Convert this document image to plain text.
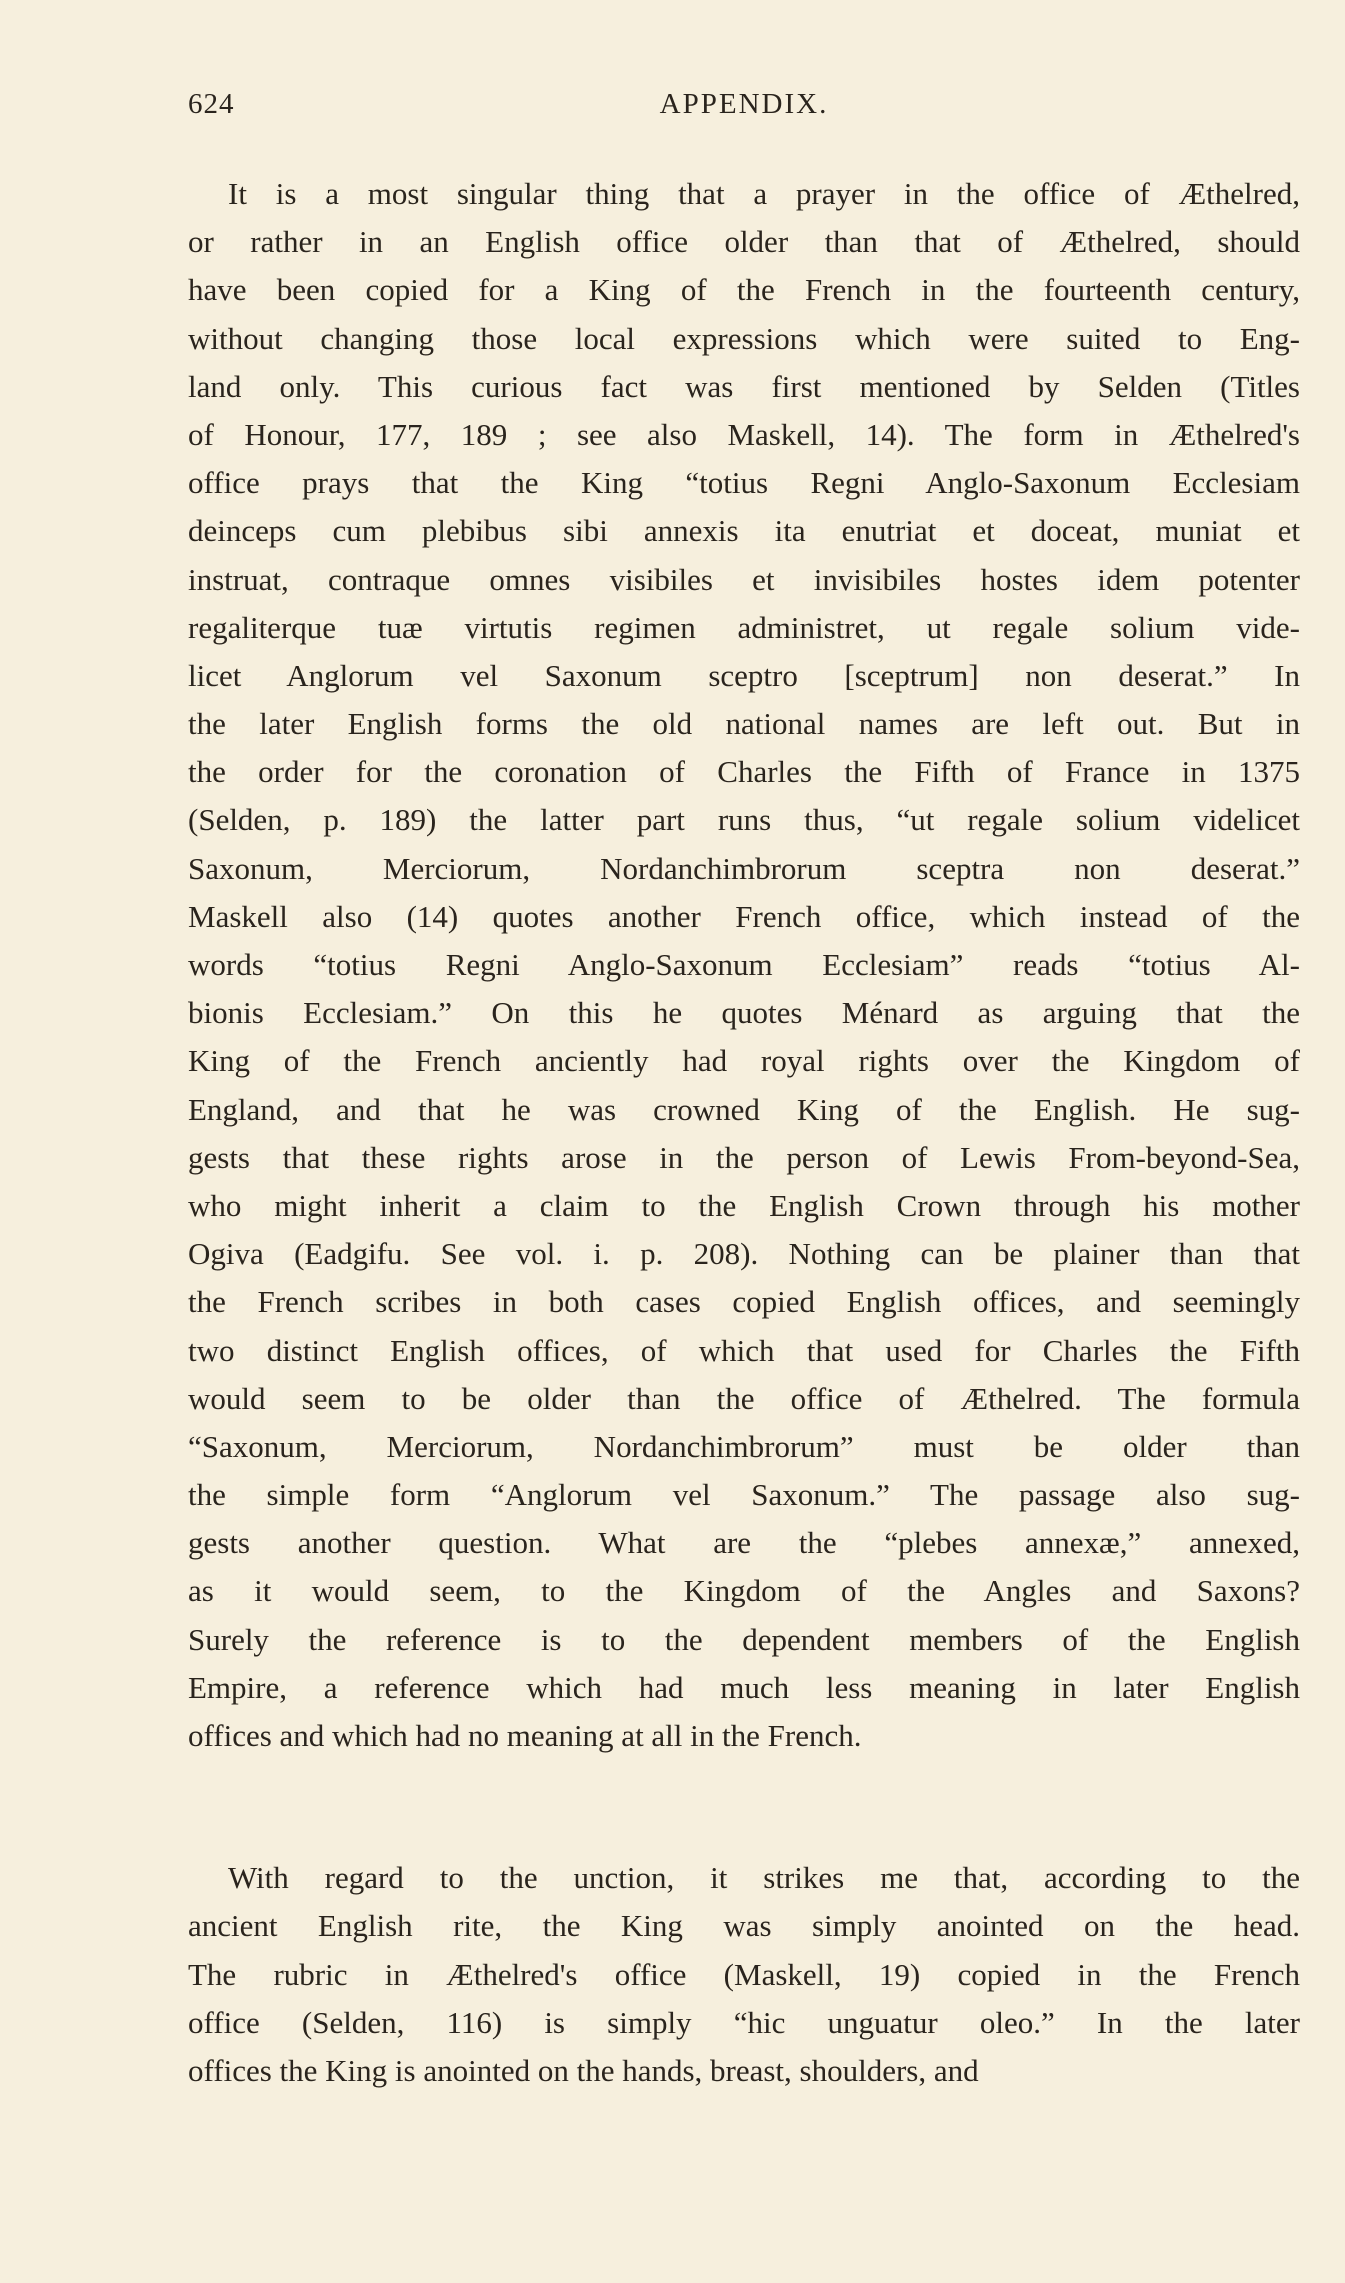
624	APPENDIX.
It is a most singular thing that a prayer in the office of Æthelred,
or rather in an English office older than that of Æthelred, should
have been copied for a King of the French in the fourteenth century,
without changing those local expressions which were suited to Eng-
land only. This curious fact was first mentioned by Selden (Titles
of Honour, 177, 189 ; see also Maskell, 14). The form in Æthelred's
office prays that the King “totius Regni Anglo-Saxonum Ecclesiam
deinceps cum plebibus sibi annexis ita enutriat et doceat, muniat et
instruat, contraque omnes visibiles et invisibiles hostes idem potenter
regaliterque tuæ virtutis regimen administret, ut regale solium vide-
licet Anglorum vel Saxonum sceptro [sceptrum] non deserat.” In
the later English forms the old national names are left out. But in
the order for the coronation of Charles the Fifth of France in 1375
(Selden, p. 189) the latter part runs thus, “ut regale solium videlicet
Saxonum, Merciorum, Nordanchimbrorum sceptra non deserat.”
Maskell also (14) quotes another French office, which instead of the
words “totius Regni Anglo-Saxonum Ecclesiam” reads “totius Al-
bionis Ecclesiam.” On this he quotes Ménard as arguing that the
King of the French anciently had royal rights over the Kingdom of
England, and that he was crowned King of the English. He sug-
gests that these rights arose in the person of Lewis From-beyond-Sea,
who might inherit a claim to the English Crown through his mother
Ogiva (Eadgifu. See vol. i. p. 208). Nothing can be plainer than that
the French scribes in both cases copied English offices, and seemingly
two distinct English offices, of which that used for Charles the Fifth
would seem to be older than the office of Æthelred. The formula
“Saxonum, Merciorum, Nordanchimbrorum” must be older than
the simple form “Anglorum vel Saxonum.” The passage also sug-
gests another question. What are the “plebes annexæ,” annexed,
as it would seem, to the Kingdom of the Angles and Saxons?
Surely the reference is to the dependent members of the English
Empire, a reference which had much less meaning in later English
offices and which had no meaning at all in the French.
With regard to the unction, it strikes me that, according to the
ancient English rite, the King was simply anointed on the head.
The rubric in Æthelred's office (Maskell, 19) copied in the French
office (Selden, 116) is simply “hic unguatur oleo.” In the later
offices the King is anointed on the hands, breast, shoulders, and
